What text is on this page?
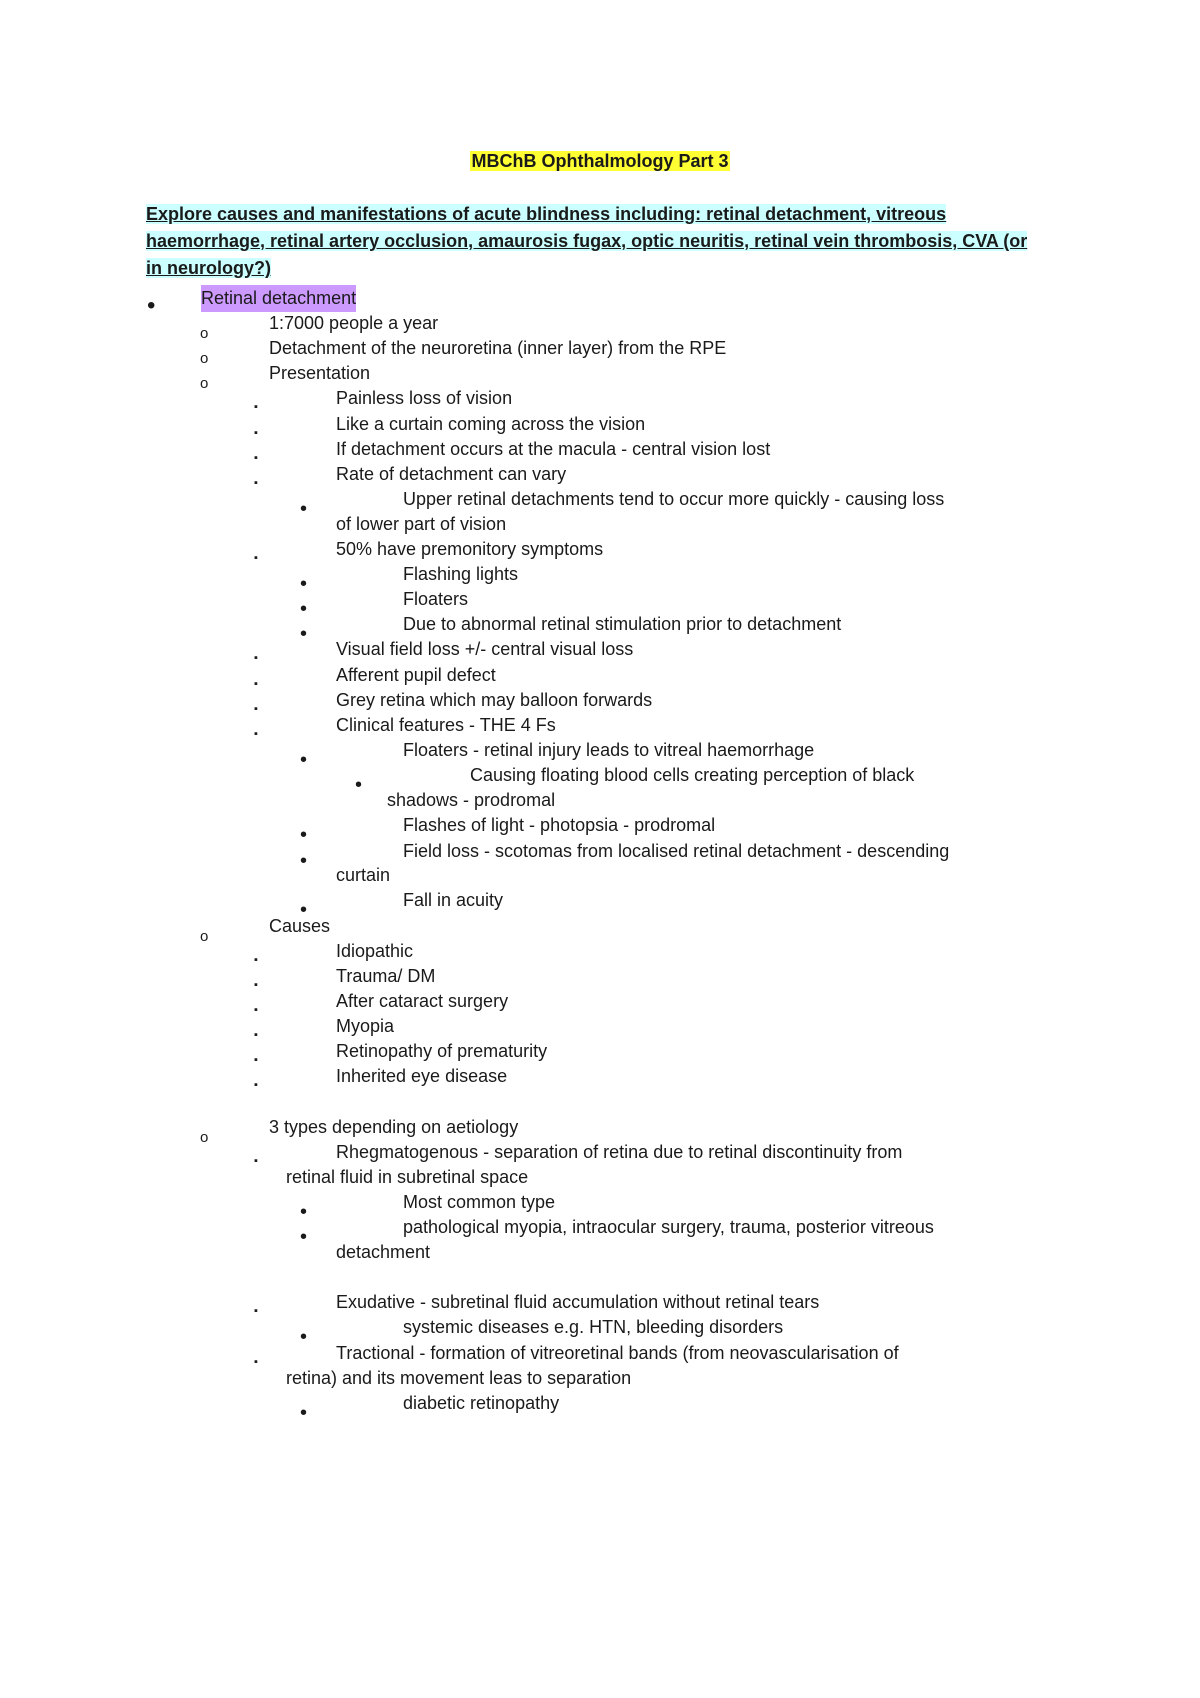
MBChB Ophthalmology Part 3
Explore causes and manifestations of acute blindness including: retinal detachment, vitreous haemorrhage, retinal artery occlusion, amaurosis fugax, optic neuritis, retinal vein thrombosis, CVA (or in neurology?)
•	Retinal detachment
o
1:7000 people a year
o
Detachment of the neuroretina (inner layer) from the RPE
o
Presentation
▪	Painless loss of vision
▪	Like a curtain coming across the vision
▪	If detachment occurs at the macula - central vision lost
▪	Rate of detachment can vary
•	Upper retinal detachments tend to occur more quickly - causing loss
of lower part of vision
▪	50% have premonitory symptoms
•	Flashing lights
•	Floaters
•	Due to abnormal retinal stimulation prior to detachment
▪	Visual field loss +/- central visual loss
▪	Afferent pupil defect
▪	Grey retina which may balloon forwards
▪	Clinical features - THE 4 Fs
•	Floaters - retinal injury leads to vitreal haemorrhage
•	Causing floating blood cells creating perception of black
shadows - prodromal
•	Flashes of light - photopsia - prodromal
•	Field loss - scotomas from localised retinal detachment - descending
curtain
•	Fall in acuity
o
Causes
▪	Idiopathic
▪	Trauma/ DM
▪	After cataract surgery
▪	Myopia
▪	Retinopathy of prematurity
▪	Inherited eye disease
o
3 types depending on aetiology
▪	Rhegmatogenous - separation of retina due to retinal discontinuity from
retinal fluid in subretinal space
•	Most common type
•	pathological myopia, intraocular surgery, trauma, posterior vitreous
detachment
▪	Exudative - subretinal fluid accumulation without retinal tears
•	systemic diseases e.g. HTN, bleeding disorders
▪	Tractional - formation of vitreoretinal bands (from neovascularisation of
retina) and its movement leas to separation
•	diabetic retinopathy
